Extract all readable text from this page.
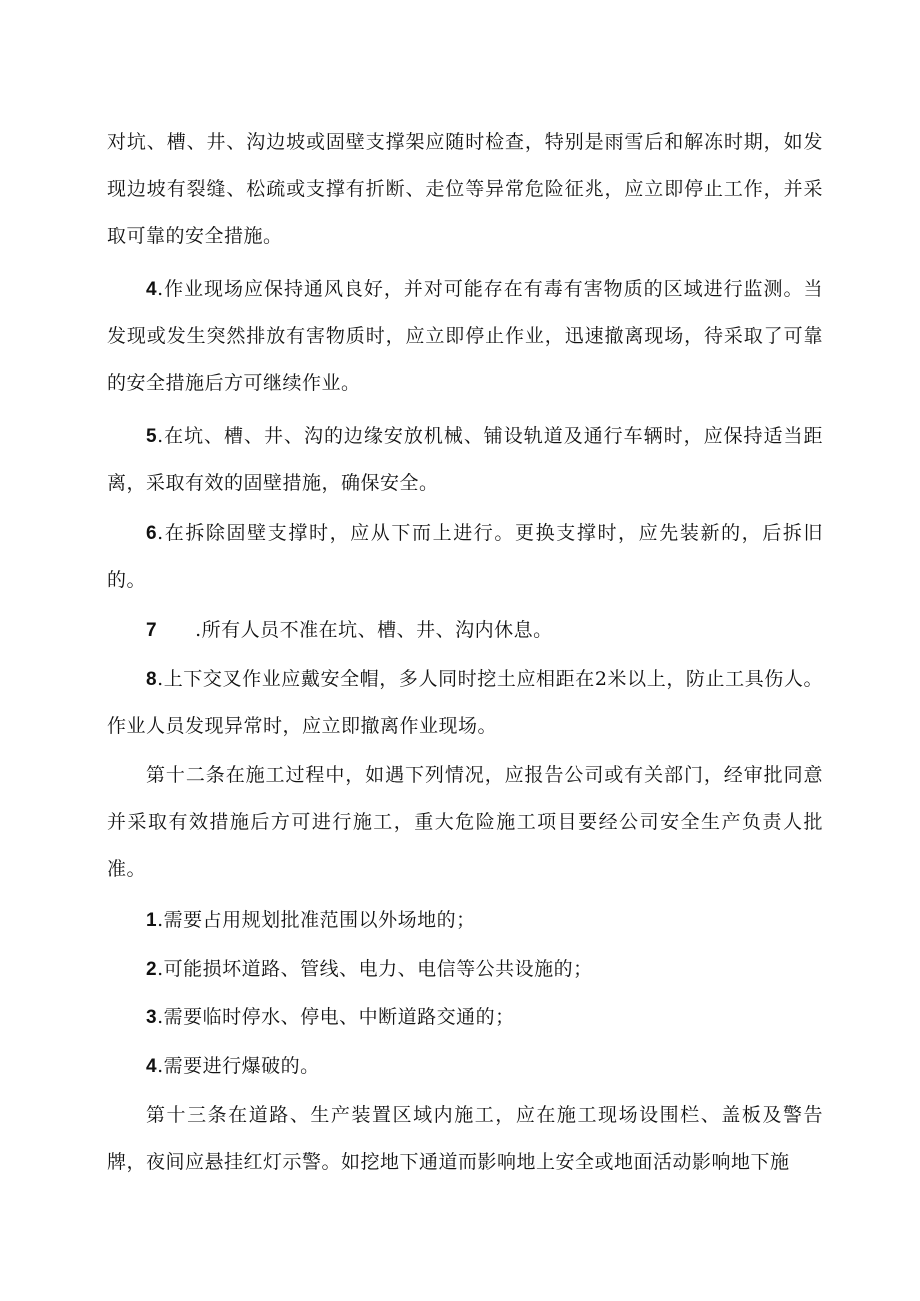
对坑、槽、井、沟边坡或固壁支撑架应随时检查，特别是雨雪后和解冻时期，如发现边坡有裂缝、松疏或支撑有折断、走位等异常危险征兆，应立即停止工作，并采取可靠的安全措施。

4.作业现场应保持通风良好，并对可能存在有毒有害物质的区域进行监测。当发现或发生突然排放有害物质时，应立即停止作业，迅速撤离现场，待采取了可靠的安全措施后方可继续作业。

5.在坑、槽、井、沟的边缘安放机械、铺设轨道及通行车辆时，应保持适当距离，采取有效的固壁措施，确保安全。

6.在拆除固壁支撑时，应从下而上进行。更换支撑时，应先装新的，后拆旧的。

7 .所有人员不准在坑、槽、井、沟内休息。

8.上下交叉作业应戴安全帽，多人同时挖土应相距在2米以上，防止工具伤人。作业人员发现异常时，应立即撤离作业现场。

第十二条在施工过程中，如遇下列情况，应报告公司或有关部门，经审批同意并采取有效措施后方可进行施工，重大危险施工项目要经公司安全生产负责人批准。

1.需要占用规划批准范围以外场地的；

2.可能损坏道路、管线、电力、电信等公共设施的；

3.需要临时停水、停电、中断道路交通的；

4.需要进行爆破的。

第十三条在道路、生产装置区域内施工，应在施工现场设围栏、盖板及警告牌，夜间应悬挂红灯示警。如挖地下通道而影响地上安全或地面活动影响地下施
